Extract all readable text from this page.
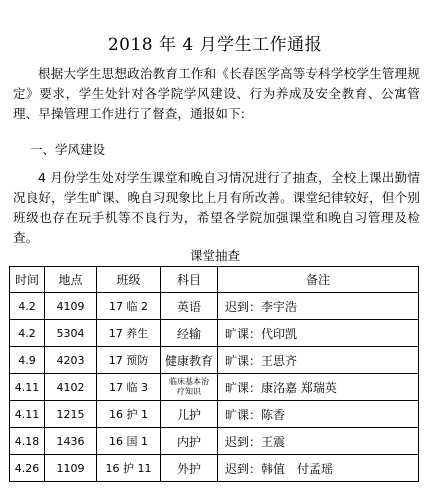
2018 年 4 月学生工作通报
根据大学生思想政治教育工作和《长春医学高等专科学校学生管理规定》要求，学生处针对各学院学风建设、行为养成及安全教育、公寓管理、早操管理工作进行了督查，通报如下:
一、学风建设
4 月份学生处对学生课堂和晚自习情况进行了抽查，全校上课出勤情况良好，学生旷课、晚自习现象比上月有所改善。课堂纪律较好，但个别班级也存在玩手机等不良行为，希望各学院加强课堂和晚自习管理及检查。
课堂抽查
时间	地点	班级	科目	备注
4.2	4109	17 临 2	英语	迟到：李宇浩
4.2	5304	17 养生	经输	旷课：代印凯
4.9	4203	17 预防	健康教育	旷课：王思齐
4.11	4102	17 临 3	临床基本治疗知识	旷课：康洺嘉 郑瑞英
4.11	1215	16 护 1	儿护	旷课：陈香
4.18	1436	16 国 1	内护	迟到：王震
4.26	1109	16 护 11	外护	迟到：韩值　付孟瑶
